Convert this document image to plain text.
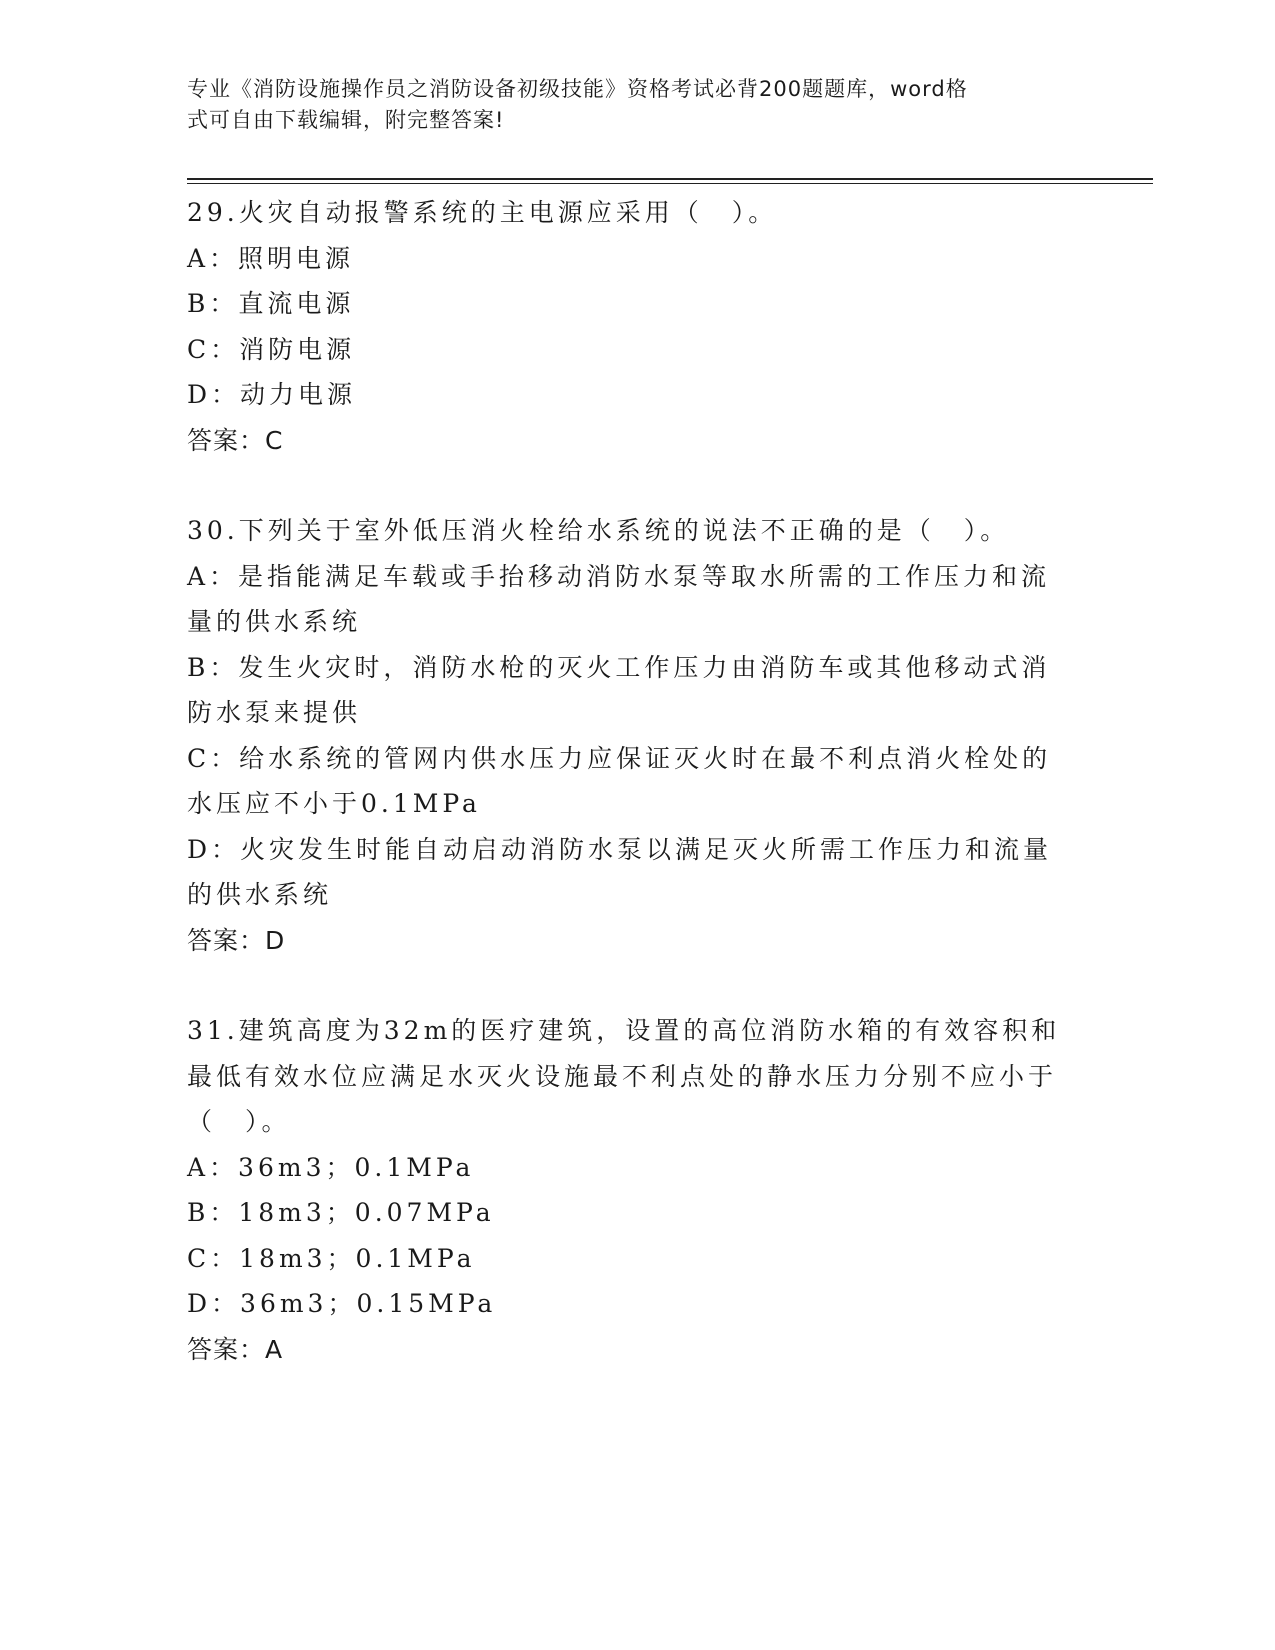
专业《消防设施操作员之消防设备初级技能》资格考试必背200题题库，word格
式可自由下载编辑，附完整答案!
29.火灾自动报警系统的主电源应采用（　）。
A：照明电源
B：直流电源
C：消防电源
D：动力电源
答案：C
30.下列关于室外低压消火栓给水系统的说法不正确的是（　）。
A：是指能满足车载或手抬移动消防水泵等取水所需的工作压力和流量的供水系统
B：发生火灾时，消防水枪的灭火工作压力由消防车或其他移动式消防水泵来提供
C：给水系统的管网内供水压力应保证灭火时在最不利点消火栓处的水压应不小于0.1MPa
D：火灾发生时能自动启动消防水泵以满足灭火所需工作压力和流量的供水系统
答案：D
31.建筑高度为32m的医疗建筑，设置的高位消防水箱的有效容积和最低有效水位应满足水灭火设施最不利点处的静水压力分别不应小于（　）。
A：36m3；0.1MPa
B：18m3；0.07MPa
C：18m3；0.1MPa
D：36m3；0.15MPa
答案：A
